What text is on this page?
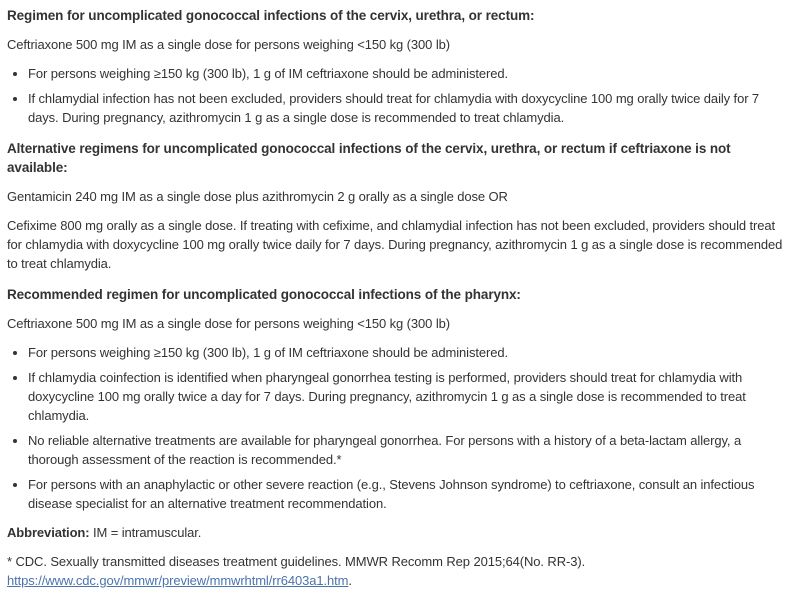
Regimen for uncomplicated gonococcal infections of the cervix, urethra, or rectum:

Ceftriaxone 500 mg IM as a single dose for persons weighing <150 kg (300 lb)

• For persons weighing ≥150 kg (300 lb), 1 g of IM ceftriaxone should be administered.
• If chlamydial infection has not been excluded, providers should treat for chlamydia with doxycycline 100 mg orally twice daily for 7 days. During pregnancy, azithromycin 1 g as a single dose is recommended to treat chlamydia.
Alternative regimens for uncomplicated gonococcal infections of the cervix, urethra, or rectum if ceftriaxone is not available:

Gentamicin 240 mg IM as a single dose plus azithromycin 2 g orally as a single dose OR

Cefixime 800 mg orally as a single dose. If treating with cefixime, and chlamydial infection has not been excluded, providers should treat for chlamydia with doxycycline 100 mg orally twice daily for 7 days. During pregnancy, azithromycin 1 g as a single dose is recommended to treat chlamydia.

Recommended regimen for uncomplicated gonococcal infections of the pharynx:

Ceftriaxone 500 mg IM as a single dose for persons weighing <150 kg (300 lb)

• For persons weighing ≥150 kg (300 lb), 1 g of IM ceftriaxone should be administered.
• If chlamydia coinfection is identified when pharyngeal gonorrhea testing is performed, providers should treat for chlamydia with doxycycline 100 mg orally twice a day for 7 days. During pregnancy, azithromycin 1 g as a single dose is recommended to treat chlamydia.
• No reliable alternative treatments are available for pharyngeal gonorrhea. For persons with a history of a beta-lactam allergy, a thorough assessment of the reaction is recommended.*
• For persons with an anaphylactic or other severe reaction (e.g., Stevens Johnson syndrome) to ceftriaxone, consult an infectious disease specialist for an alternative treatment recommendation.

Abbreviation: IM = intramuscular.

* CDC. Sexually transmitted diseases treatment guidelines. MMWR Recomm Rep 2015;64(No. RR-3).
https://www.cdc.gov/mmwr/preview/mmwrhtml/rr6403a1.htm.
